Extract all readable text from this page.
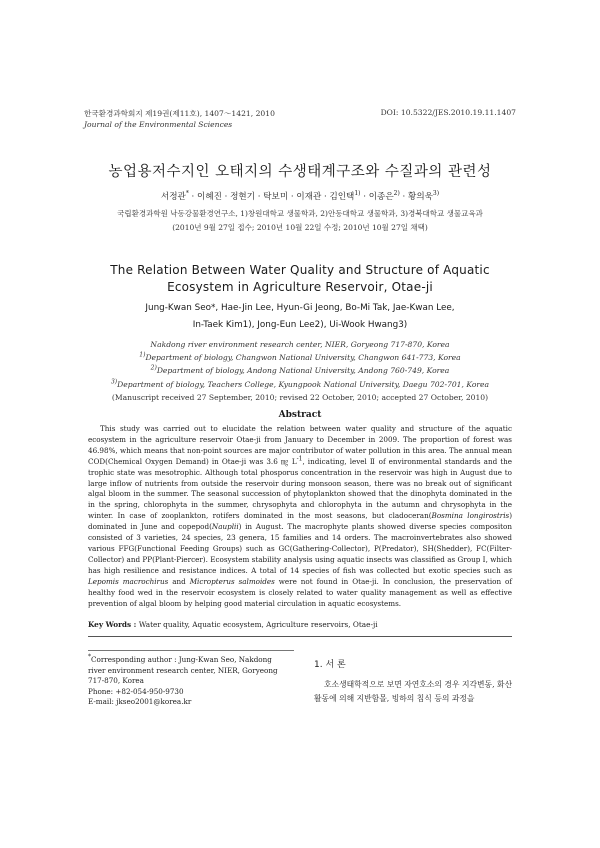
한국환경과학회지 제19권(제11호), 1407～1421, 2010
Journal of the Environmental Sciences
DOI: 10.5322/JES.2010.19.11.1407
농업용저수지인 오태지의 수생태계구조와 수질과의 관련성
서정관* · 이혜진 · 정현기 · 탁보미 · 이재관 · 김인택$^{1)}$ · 이종은$^{2)}$ · 황의욱$^{3)}$
국립환경과학원 낙동강물환경연구소, 1)창원대학교 생물학과, 2)안동대학교 생물학과, 3)경북대학교 생물교육과
(2010년 9월 27일 접수; 2010년 10월 22일 수정; 2010년 10월 27일 채택)
The Relation Between Water Quality and Structure of Aquatic
Ecosystem in Agriculture Reservoir, Otae-ji
Jung-Kwan Seo*, Hae-Jin Lee, Hyun-Gi Jeong, Bo-Mi Tak, Jae-Kwan Lee,
In-Taek Kim1), Jong-Eun Lee2), Ui-Wook Hwang3)
Nakdong river environment research center, NIER, Goryeong 717-870, Korea
$^{1)}$Department of biology, Changwon National University, Changwon 641-773, Korea
$^{2)}$Department of biology, Andong National University, Andong 760-749, Korea
$^{3)}$Department of biology, Teachers College, Kyungpook National University, Daegu 702-701, Korea
(Manuscript received 27 September, 2010; revised 22 October, 2010; accepted 27 October, 2010)
Abstract
This study was carried out to elucidate the relation between water quality and structure of the aquatic ecosystem in the agriculture reservoir Otae-ji from January to December in 2009. The proportion of forest was 46.98%, which means that non-point sources are major contributor of water pollution in this area. The annual mean COD(Chemical Oxygen Demand) in Otae-ji was 3.6 ㎎ $L^{-1}$, indicating, level Ⅱ of environmental standards and the trophic state was mesotrophic. Although total phosporus concentration in the reservoir was high in August due to large inflow of nutrients from outside the reservoir during monsoon season, there was no break out of significant algal bloom in the summer. The seasonal succession of phytoplankton showed that the dinophyta dominated in the in the spring, chlorophyta in the summer, chrysophyta and chlorophyta in the autumn and chrysophyta in the winter. In case of zooplankton, rotifers dominated in the most seasons, but cladoceran(Bosmina longirostris) dominated in June and copepod(Nauplii) in August. The macrophyte plants showed diverse species compositon consisted of 3 varieties, 24 species, 23 genera, 15 families and 14 orders. The macroinvertebrates also showed various FFG(Functional Feeding Groups) such as GC(Gathering-Collector), P(Predator), SH(Shedder), FC(Filter-Collector) and PP(Plant-Piercer). Ecosystem stability analysis using aquatic insects was classified as Group Ⅰ, which has high resilience and resistance indices. A total of 14 species of fish was collected but exotic species such as Lepomis macrochirus and Micropterus salmoides were not found in Otae-ji. In conclusion, the preservation of healthy food wed in the reservoir ecosystem is closely related to water quality management as well as effective prevention of algal bloom by helping good material circulation in aquatic ecosystems.
Key Words : Water quality, Aquatic ecosystem, Agriculture reservoirs, Otae-ji
*Corresponding author : Jung-Kwan Seo, Nakdong river environment research center, NIER, Goryeong 717-870, Korea
Phone: +82-054-950-9730
E-mail: jkseo2001@korea.kr
1. 서 론
호소생태학적으로 보면 자연호소의 경우 지각변동, 화산활동에 의해 지반함몰, 빙하의 침식 등의 과정을
